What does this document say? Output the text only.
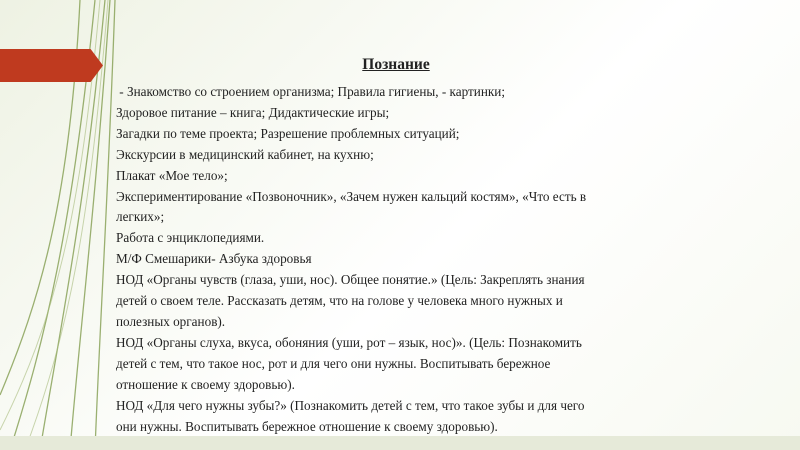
Познание
- Знакомство со строением организма; Правила гигиены, - картинки;
Здоровое питание – книга; Дидактические игры;
Загадки по теме проекта; Разрешение проблемных ситуаций;
Экскурсии в медицинский кабинет, на кухню;
Плакат «Мое тело»;
Экспериментирование «Позвоночник», «Зачем нужен кальций костям», «Что есть в
легких»;
Работа с энциклопедиями.
М/Ф Смешарики- Азбука здоровья
НОД «Органы чувств (глаза, уши, нос). Общее понятие.» (Цель: Закреплять знания
детей о своем теле. Рассказать детям, что на голове у человека много нужных и
полезных органов).
НОД «Органы слуха, вкуса, обоняния (уши, рот – язык, нос)». (Цель: Познакомить
детей с тем, что такое нос, рот и для чего они нужны. Воспитывать бережное
отношение к своему здоровью).
НОД «Для чего нужны зубы?» (Познакомить детей с тем, что такое зубы и для чего
они нужны. Воспитывать бережное отношение к своему здоровью).
